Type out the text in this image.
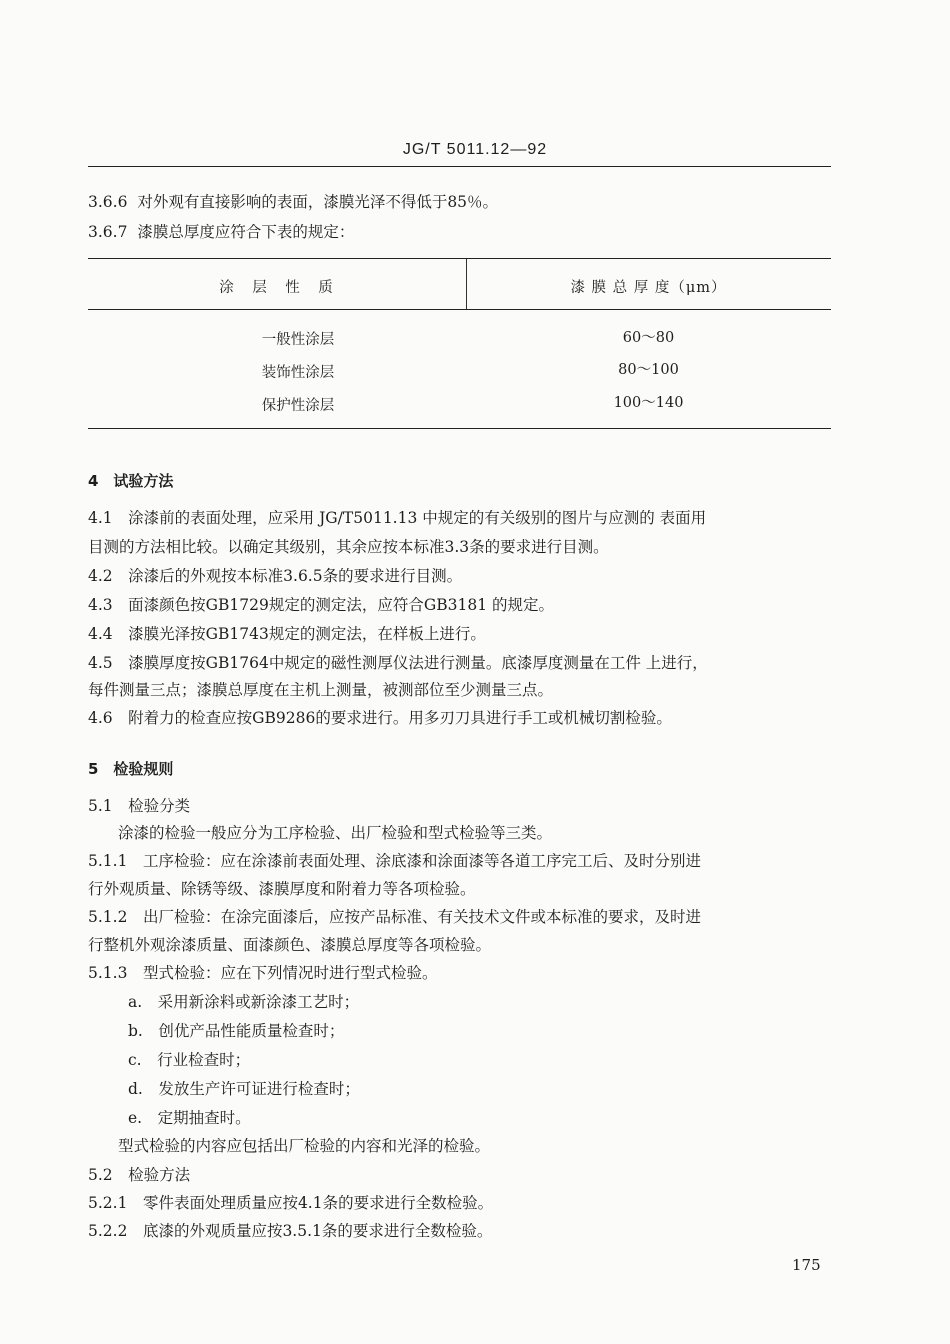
JG/T 5011.12—92
3.6.6 对外观有直接影响的表面，漆膜光泽不得低于85％。
3.6.7 漆膜总厚度应符合下表的规定：
涂　层　性　质	漆 膜 总 厚 度（μm）
一般性涂层	60～80
装饰性涂层	80～100
保护性涂层	100～140
4　试验方法
4.1　涂漆前的表面处理，应采用 JG/T5011.13 中规定的有关级别的图片与应测的 表面用
目测的方法相比较。以确定其级别，其余应按本标准3.3条的要求进行目测。
4.2　涂漆后的外观按本标准3.6.5条的要求进行目测。
4.3　面漆颜色按GB1729规定的测定法，应符合GB3181 的规定。
4.4　漆膜光泽按GB1743规定的测定法，在样板上进行。
4.5　漆膜厚度按GB1764中规定的磁性测厚仪法进行测量。底漆厚度测量在工件 上进行，
每件测量三点；漆膜总厚度在主机上测量，被测部位至少测量三点。
4.6　附着力的检查应按GB9286的要求进行。用多刃刀具进行手工或机械切割检验。
5　检验规则
5.1　检验分类
涂漆的检验一般应分为工序检验、出厂检验和型式检验等三类。
5.1.1　工序检验：应在涂漆前表面处理、涂底漆和涂面漆等各道工序完工后、及时分别进
行外观质量、除锈等级、漆膜厚度和附着力等各项检验。
5.1.2　出厂检验：在涂完面漆后，应按产品标准、有关技术文件或本标准的要求，及时进
行整机外观涂漆质量、面漆颜色、漆膜总厚度等各项检验。
5.1.3　型式检验：应在下列情况时进行型式检验。
a.　采用新涂料或新涂漆工艺时；
b.　创优产品性能质量检查时；
c.　行业检查时；
d.　发放生产许可证进行检查时；
e.　定期抽查时。
型式检验的内容应包括出厂检验的内容和光泽的检验。
5.2　检验方法
5.2.1　零件表面处理质量应按4.1条的要求进行全数检验。
5.2.2　底漆的外观质量应按3.5.1条的要求进行全数检验。
175
